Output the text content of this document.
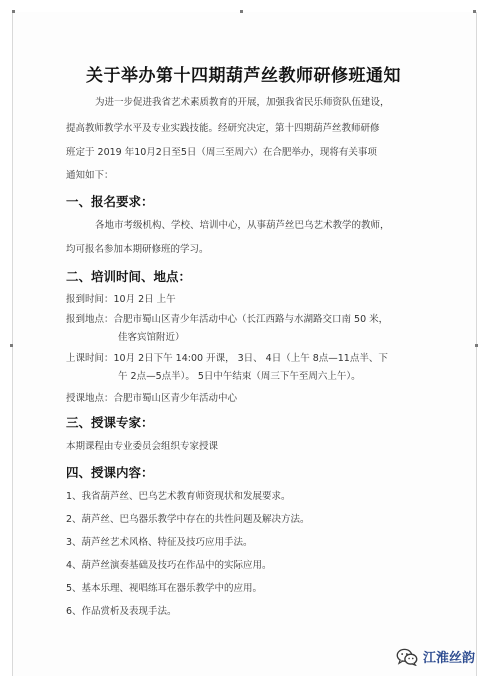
关于举办第十四期葫芦丝教师研修班通知
为进一步促进我省艺术素质教育的开展，加强我省民乐师资队伍建设，
提高教师教学水平及专业实践技能。经研究决定，第十四期葫芦丝教师研修
班定于 2019 年10月2日至5日（周三至周六）在合肥举办，现将有关事项
通知如下：
一、报名要求：
各地市考级机构、学校、培训中心，从事葫芦丝巴乌艺术教学的教师，
均可报名参加本期研修班的学习。
二、培训时间、地点：
报到时间：10月 2日 上午
报到地点：合肥市蜀山区青少年活动中心（长江西路与水湖路交口南 50 米，
佳客宾馆附近）
上课时间：10月 2日下午 14:00 开课， 3日、 4日（上午 8点—11点半、下
午 2点—5点半）。 5日中午结束（周三下午至周六上午）。
授课地点：合肥市蜀山区青少年活动中心
三、授课专家：
本期课程由专业委员会组织专家授课
四、授课内容：
1、我省葫芦丝、巴乌艺术教育师资现状和发展要求。
2、葫芦丝、巴乌器乐教学中存在的共性问题及解决方法。
3、葫芦丝艺术风格、特征及技巧应用手法。
4、葫芦丝演奏基础及技巧在作品中的实际应用。
5、基本乐理、视唱练耳在器乐教学中的应用。
6、作品赏析及表现手法。
江淮丝韵
